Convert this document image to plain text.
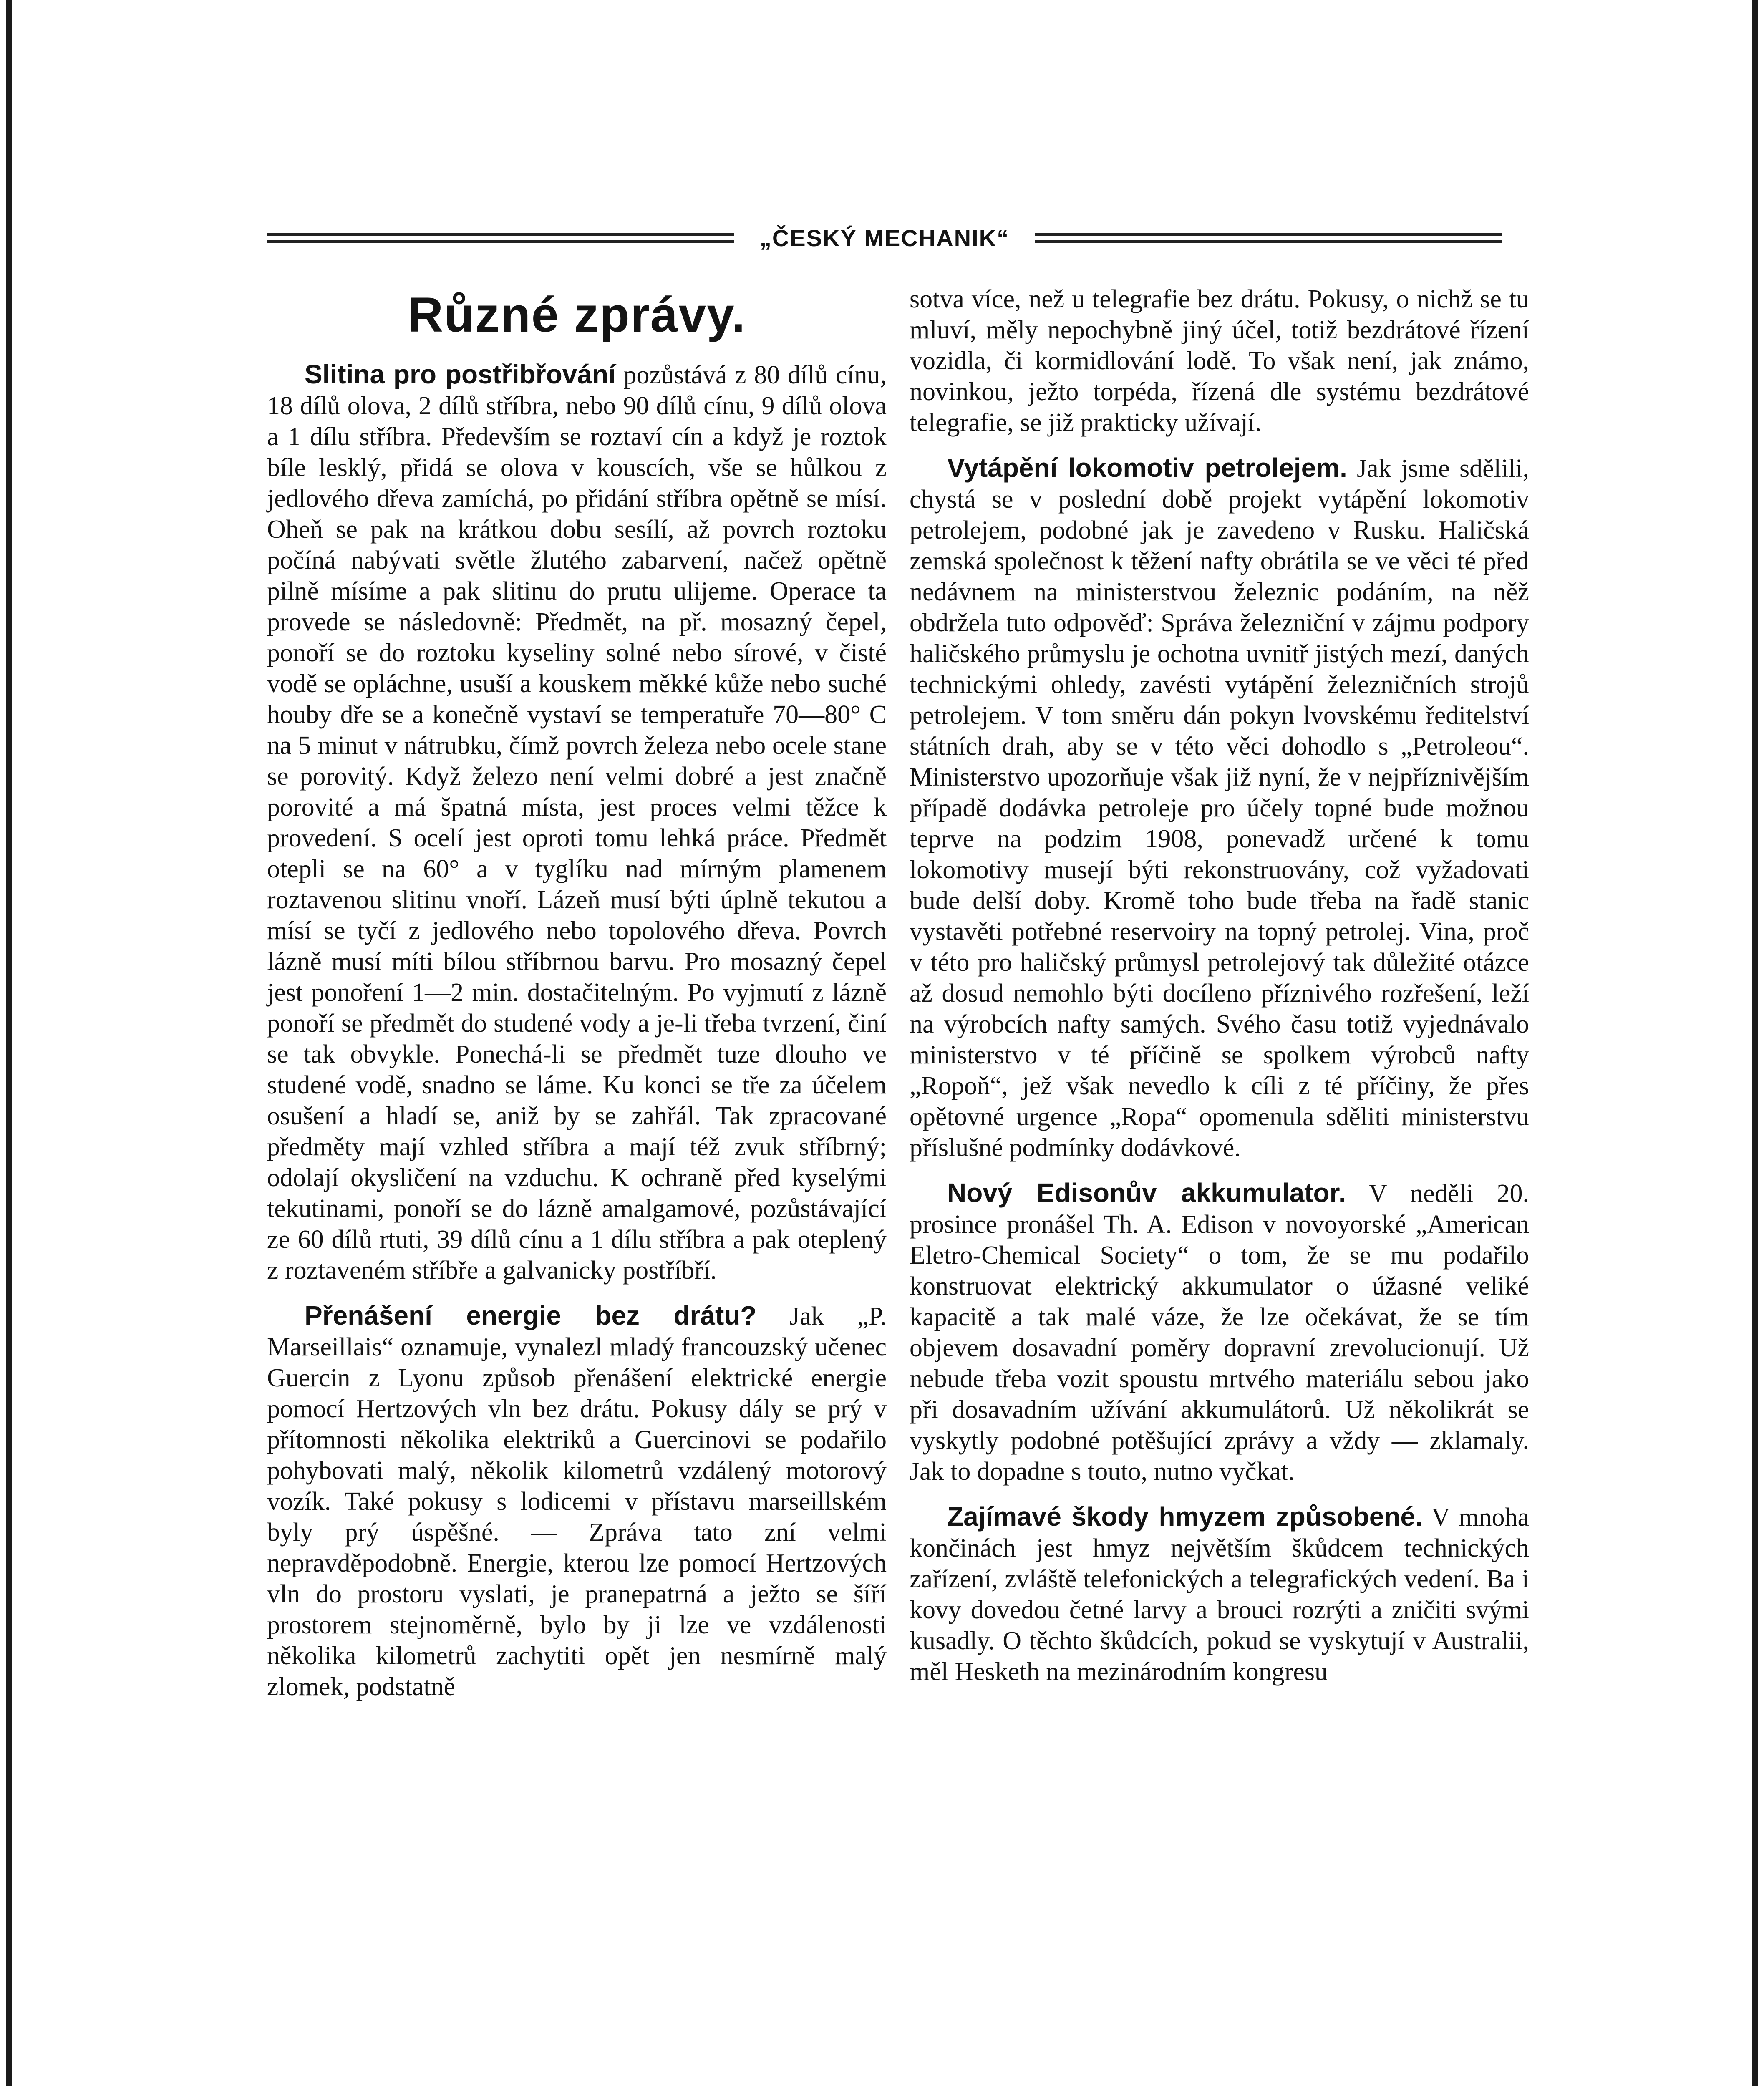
„ČESKÝ MECHANIK“
Různé zprávy.

Slitina pro postřibřování pozůstává z 80 dílů cínu, 18 dílů olova, 2 dílů stříbra, nebo 90 dílů cínu, 9 dílů olova a 1 dílu stříbra. Především se roztaví cín a když je roztok bíle lesklý, přidá se olova v kouscích, vše se hůlkou z jedlového dřeva zamíchá, po přidání stříbra opětně se mísí. Oheň se pak na krátkou dobu sesílí, až povrch roztoku počíná nabývati světle žlutého zabarvení, načež opětně pilně mísíme a pak slitinu do prutu ulijeme. Operace ta provede se následovně: Předmět, na př. mosazný čepel, ponoří se do roztoku kyseliny solné nebo sírové, v čisté vodě se opláchne, usuší a kouskem měkké kůže nebo suché houby dře se a konečně vystaví se temperatuře 70—80° C na 5 minut v nátrubku, čímž povrch železa nebo ocele stane se porovitý. Když železo není velmi dobré a jest značně porovité a má špatná místa, jest proces velmi těžce k provedení. S ocelí jest oproti tomu lehká práce. Předmět otepli se na 60° a v tyglíku nad mírným plamenem roztavenou slitinu vnoří. Lázeň musí býti úplně tekutou a mísí se tyčí z jedlového nebo topolového dřeva. Povrch lázně musí míti bílou stříbrnou barvu. Pro mosazný čepel jest ponoření 1—2 min. dostačitelným. Po vyjmutí z lázně ponoří se předmět do studené vody a je-li třeba tvrzení, činí se tak obvykle. Ponechá-li se předmět tuze dlouho ve studené vodě, snadno se láme. Ku konci se tře za účelem osušení a hladí se, aniž by se zahřál. Tak zpracované předměty mají vzhled stříbra a mají též zvuk stříbrný; odolají okysličení na vzduchu. K ochraně před kyselými tekutinami, ponoří se do lázně amalgamové, pozůstávající ze 60 dílů rtuti, 39 dílů cínu a 1 dílu stříbra a pak oteplený z roztaveném stříbře a galvanicky postříbří.

Přenášení energie bez drátu? Jak „P. Marseillais“ oznamuje, vynalezl mladý francouzský učenec Guercin z Lyonu způsob přenášení elektrické energie pomocí Hertzových vln bez drátu. Pokusy dály se prý v přítomnosti několika elektriků a Guercinovi se podařilo pohybovati malý, několik kilometrů vzdálený motorový vozík. Také pokusy s lodicemi v přístavu marseillském byly prý úspěšné. — Zpráva tato zní velmi nepravděpodobně. Energie, kterou lze pomocí Hertzových vln do prostoru vyslati, je pranepatrná a ježto se šíří prostorem stejnoměrně, bylo by ji lze ve vzdálenosti několika kilometrů zachytiti opět jen nesmírně malý zlomek, podstatně

sotva více, než u telegrafie bez drátu. Pokusy, o nichž se tu mluví, měly nepochybně jiný účel, totiž bezdrátové řízení vozidla, či kormidlování lodě. To však není, jak známo, novinkou, ježto torpéda, řízená dle systému bezdrátové telegrafie, se již prakticky užívají.

Vytápění lokomotiv petrolejem. Jak jsme sdělili, chystá se v poslední době projekt vytápění lokomotiv petrolejem, podobné jak je zavedeno v Rusku. Haličská zemská společnost k těžení nafty obrátila se ve věci té před nedávnem na ministerstvou železnic podáním, na něž obdržela tuto odpověď: Správa železniční v zájmu podpory haličského průmyslu je ochotna uvnitř jistých mezí, daných technickými ohledy, zavésti vytápění železničních strojů petrolejem. V tom směru dán pokyn lvovskému ředitelství státních drah, aby se v této věci dohodlo s „Petroleou“. Ministerstvo upozorňuje však již nyní, že v nejpříznivějším případě dodávka petroleje pro účely topné bude možnou teprve na podzim 1908, ponevadž určené k tomu lokomotivy musejí býti rekonstruovány, což vyžadovati bude delší doby. Kromě toho bude třeba na řadě stanic vystavěti potřebné reservoiry na topný petrolej. Vina, proč v této pro haličský průmysl petrolejový tak důležité otázce až dosud nemohlo býti docíleno příznivého rozřešení, leží na výrobcích nafty samých. Svého času totiž vyjednávalo ministerstvo v té příčině se spolkem výrobců nafty „Ropoň“, jež však nevedlo k cíli z té příčiny, že přes opětovné urgence „Ropa“ opomenula sděliti ministerstvu příslušné podmínky dodávkové.

Nový Edisonův akkumulator. V neděli 20. prosince pronášel Th. A. Edison v novoyorské „American Eletro-Chemical Society“ o tom, že se mu podařilo konstruovat elektrický akkumulator o úžasné veliké kapacitě a tak malé váze, že lze očekávat, že se tím objevem dosavadní poměry dopravní zrevolucionují. Už nebude třeba vozit spoustu mrtvého materiálu sebou jako při dosavadním užívání akkumulátorů. Už několikrát se vyskytly podobné potěšující zprávy a vždy — zklamaly. Jak to dopadne s touto, nutno vyčkat.

Zajímavé škody hmyzem způsobené. V mnoha končinách jest hmyz největším škůdcem technických zařízení, zvláště telefonických a telegrafických vedení. Ba i kovy dovedou četné larvy a brouci rozrýti a zničiti svými kusadly. O těchto škůdcích, pokud se vyskytují v Australii, měl Hesketh na mezinárodním kongresu
